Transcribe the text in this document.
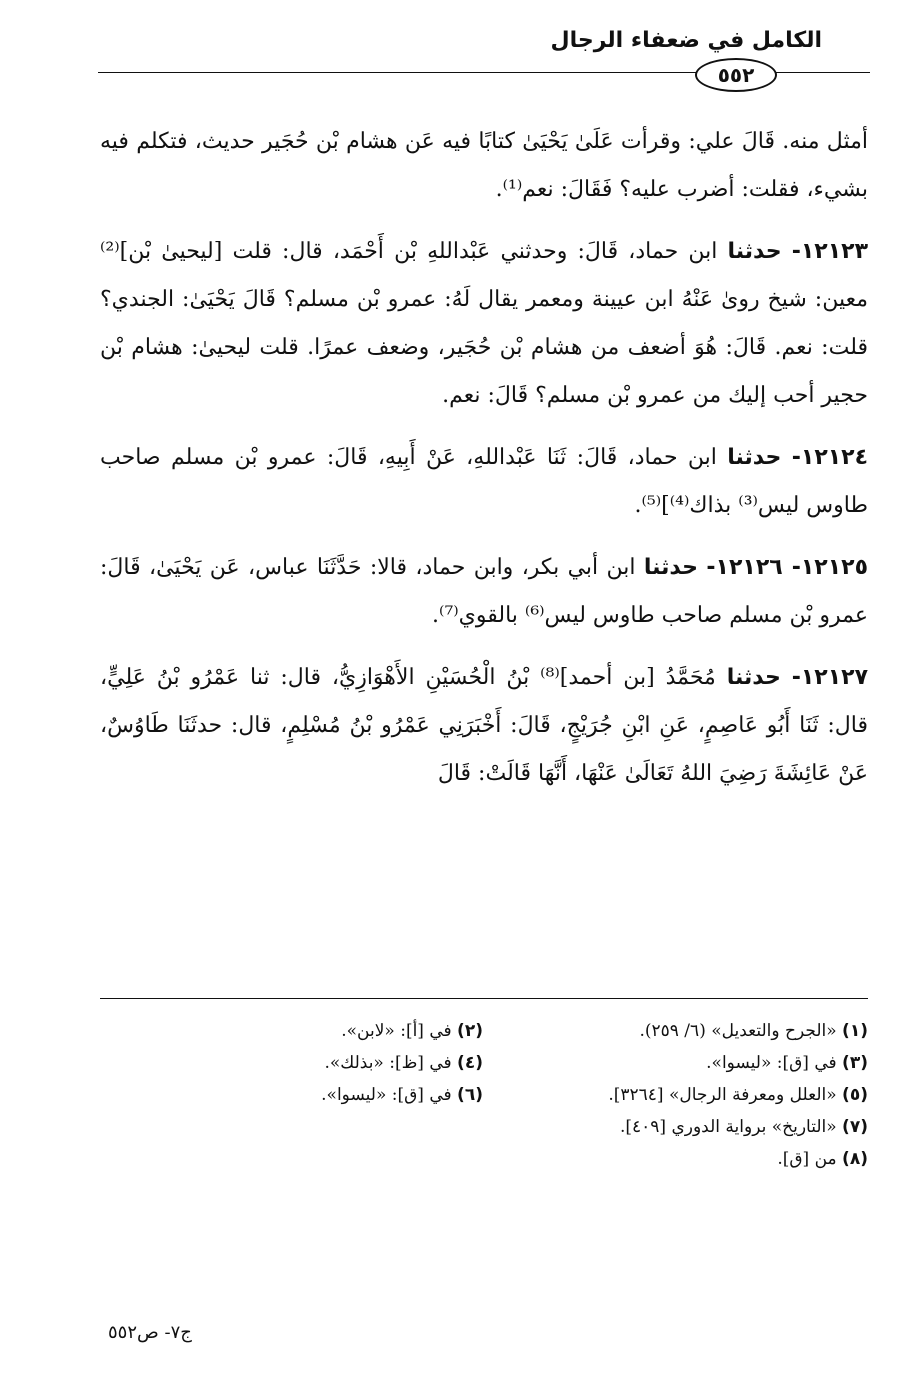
الكامل في ضعفاء الرجال
٥٥٢

أمثل منه. قَالَ علي: وقرأت عَلَىٰ يَحْيَىٰ كتابًا فيه عَن هشام بْن حُجَير حديث، فتكلم فيه بشيء، فقلت: أضرب عليه؟ فَقَالَ: نعم⁽¹⁾.

١٢١٢٣- حدثنا ابن حماد، قَالَ: وحدثني عَبْداللهِ بْن أَحْمَد، قال: قلت [ليحيىٰ بْن]⁽²⁾ معين: شيخ روىٰ عَنْهُ ابن عيينة ومعمر يقال لَهُ: عمرو بْن مسلم؟ قَالَ يَحْيَىٰ: الجندي؟ قلت: نعم. قَالَ: هُوَ أضعف من هشام بْن حُجَير، وضعف عمرًا. قلت ليحيىٰ: هشام بْن حجير أحب إليك من عمرو بْن مسلم؟ قَالَ: نعم.

١٢١٢٤- حدثنا ابن حماد، قَالَ: ثَنَا عَبْداللهِ، عَنْ أَبِيهِ، قَالَ: عمرو بْن مسلم صاحب طاوس ليس⁽³⁾ بذاك⁽⁴⁾]⁽⁵⁾.

١٢١٢٥- ١٢١٢٦- حدثنا ابن أبي بكر، وابن حماد، قالا: حَدَّثَنَا عباس، عَن يَحْيَىٰ، قَالَ: عمرو بْن مسلم صاحب طاوس ليس⁽⁶⁾ بالقوي⁽⁷⁾.

١٢١٢٧- حدثنا مُحَمَّدُ [بن أحمد]⁽⁸⁾ بْنُ الْحُسَيْنِ الأَهْوَازِيُّ، قال: ثنا عَمْرُو بْنُ عَلِيٍّ، قال: ثَنَا أَبُو عَاصِمٍ، عَنِ ابْنِ جُرَيْجٍ، قَالَ: أَخْبَرَنِي عَمْرُو بْنُ مُسْلِمٍ، قال: حدثَنَا طَاوُسٌ، عَنْ عَائِشَةَ رَضِيَ اللهُ تَعَالَىٰ عَنْهَا، أَنَّهَا قَالَتْ: قَالَ

(١) «الجرح والتعديل» (٦/ ٢٥٩).
(٢) في [أ]: «لابن».
(٣) في [ق]: «ليسوا».
(٤) في [ظ]: «بذلك».
(٥) «العلل ومعرفة الرجال» [٣٢٦٤].
(٦) في [ق]: «ليسوا».
(٧) «التاريخ» برواية الدوري [٤٠٩].
(٨) من [ق].
ج٧- ص٥٥٢
